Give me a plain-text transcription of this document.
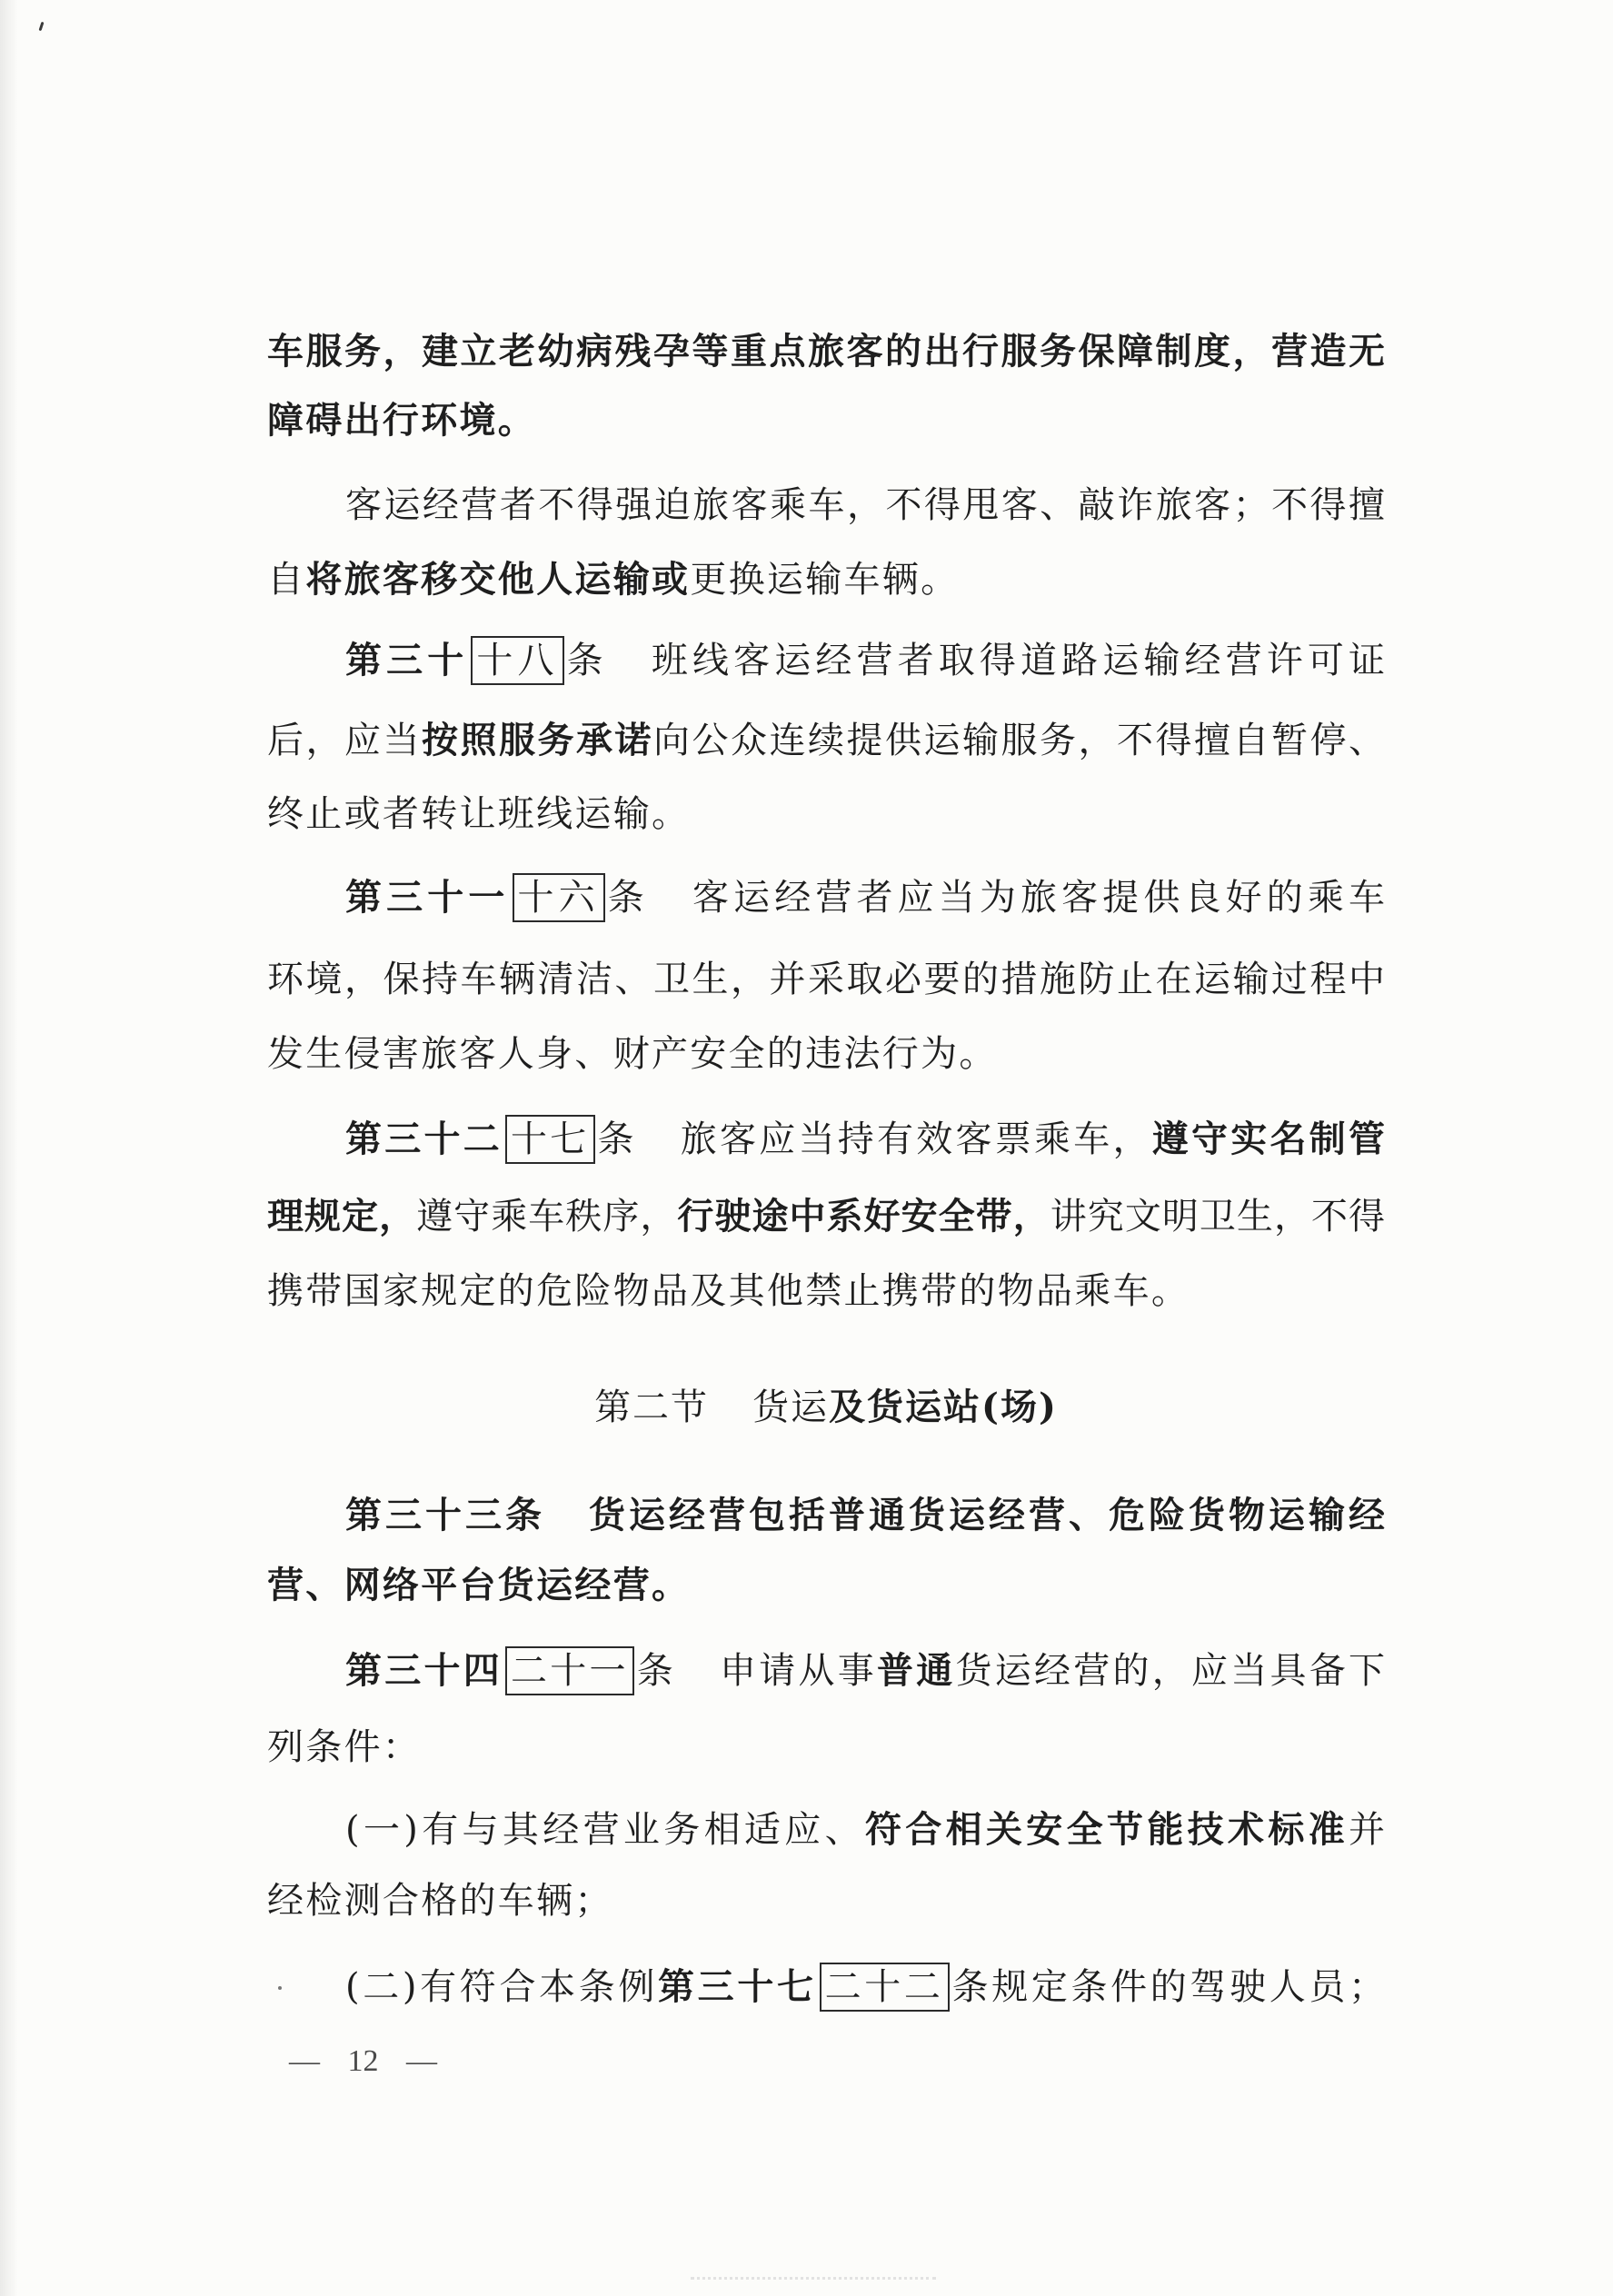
车服务，建立老幼病残孕等重点旅客的出行服务保障制度，营造无
障碍出行环境。
客运经营者不得强迫旅客乘车，不得甩客、敲诈旅客；不得擅
自将旅客移交他人运输或更换运输车辆。
第三十 十八 条 班线客运经营者取得道路运输经营许可证
后，应当按照服务承诺向公众连续提供运输服务，不得擅自暂停、
终止或者转让班线运输。
第三十一 十六 条 客运经营者应当为旅客提供良好的乘车
环境，保持车辆清洁、卫生，并采取必要的措施防止在运输过程中
发生侵害旅客人身、财产安全的违法行为。
第三十二 十七 条 旅客应当持有效客票乘车，遵守实名制管
理规定，遵守乘车秩序，行驶途中系好安全带，讲究文明卫生，不得
携带国家规定的危险物品及其他禁止携带的物品乘车。
第二节 货运及货运站(场)
第三十三条 货运经营包括普通货运经营、危险货物运输经
营、网络平台货运经营。
第三十四 二十一 条 申请从事普通货运经营的，应当具备下
列条件：
(一)有与其经营业务相适应、符合相关安全节能技术标准并
经检测合格的车辆；
(二)有符合本条例第三十七 二十二 条规定条件的驾驶人员；
— 12 —
